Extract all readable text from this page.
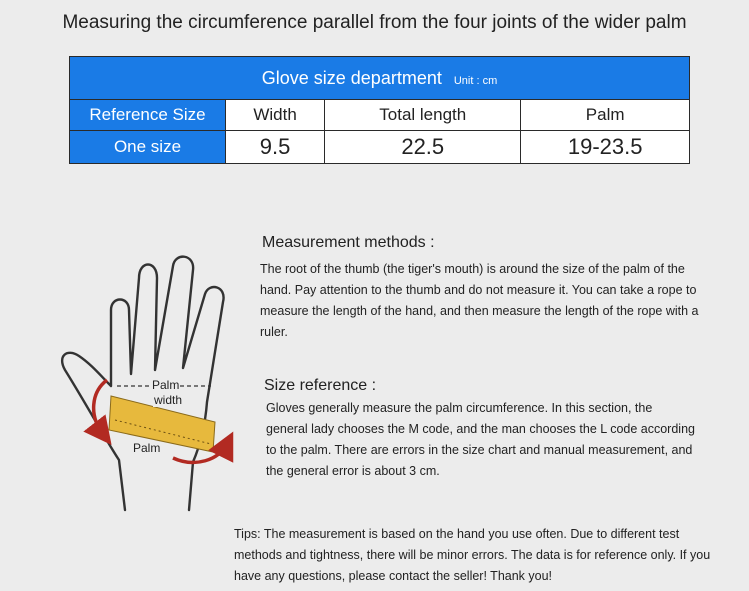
Measuring the circumference parallel from the four joints of the wider palm
Glove size department Unit : cm			
Reference Size	Width	Total length	Palm
One size	9.5	22.5	19-23.5
Palm
width
Palm
Measurement methods :
The root of the thumb (the tiger's mouth) is around the size of the palm of the hand. Pay attention to the thumb and do not measure it. You can take a rope to measure the length of the hand, and then measure the length of the rope with a ruler.
Size reference :
Gloves generally measure the palm circumference. In this section, the general lady chooses the M code, and the man chooses the L code according to the palm. There are errors in the size chart and manual measurement, and the general error is about 3 cm.
Tips: The measurement is based on the hand you use often. Due to different test methods and tightness, there will be minor errors. The data is for reference only. If you have any questions, please contact the seller! Thank you!
